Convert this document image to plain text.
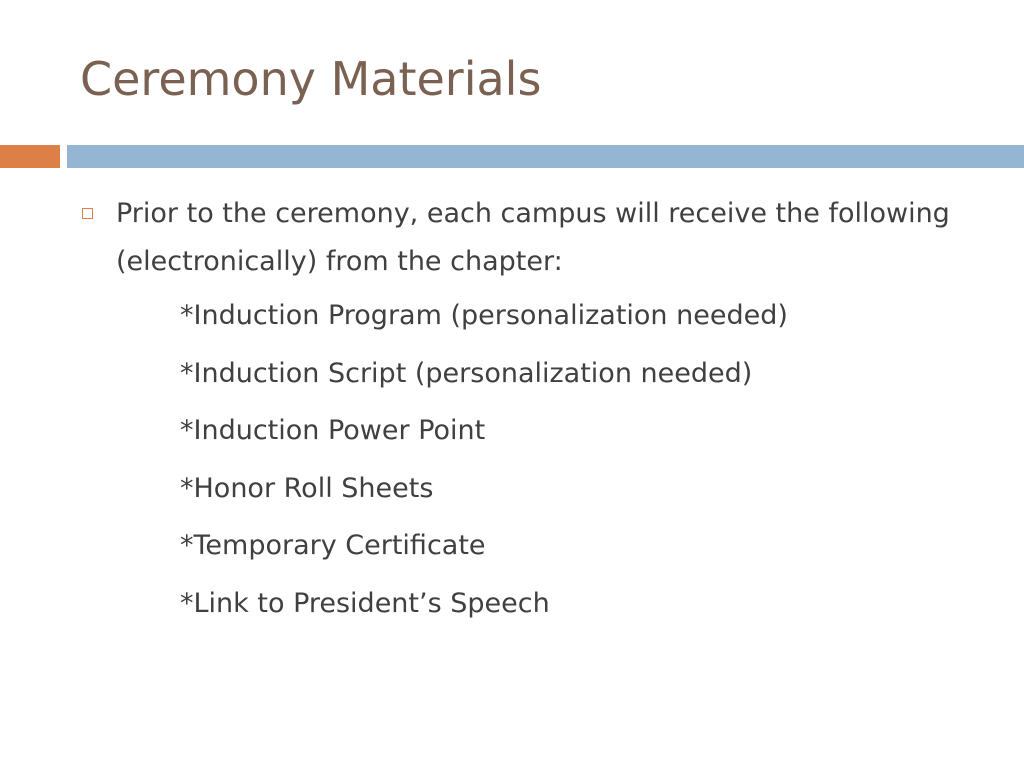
Ceremony Materials
Prior to the ceremony, each campus will receive the following (electronically) from the chapter:
*Induction Program (personalization needed)
*Induction Script (personalization needed)
*Induction Power Point
*Honor Roll Sheets
*Temporary Certificate
*Link to President’s Speech
